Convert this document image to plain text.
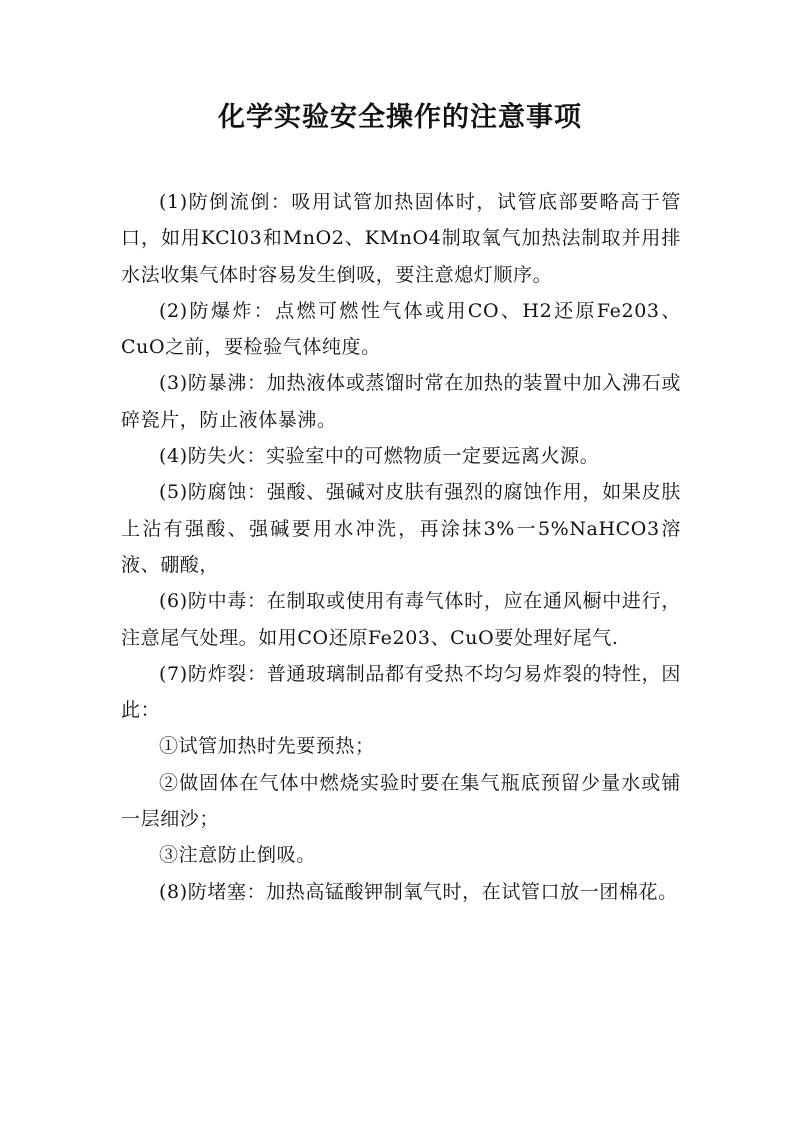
化学实验安全操作的注意事项

(1)防倒流倒：吸用试管加热固体时，试管底部要略高于管口，如用KCl03和MnO2、KMnO4制取氧气加热法制取并用排水法收集气体时容易发生倒吸，要注意熄灯顺序。

(2)防爆炸：点燃可燃性气体或用CO、H2还原Fe203、CuO之前，要检验气体纯度。

(3)防暴沸：加热液体或蒸馏时常在加热的装置中加入沸石或碎瓷片，防止液体暴沸。

(4)防失火：实验室中的可燃物质一定要远离火源。

(5)防腐蚀：强酸、强碱对皮肤有强烈的腐蚀作用，如果皮肤上沾有强酸、强碱要用水冲洗，再涂抹3%一5%NaHCO3溶液、硼酸，

(6)防中毒：在制取或使用有毒气体时，应在通风橱中进行，注意尾气处理。如用CO还原Fe203、CuO要处理好尾气.

(7)防炸裂：普通玻璃制品都有受热不均匀易炸裂的特性，因此：

①试管加热时先要预热；

②做固体在气体中燃烧实验时要在集气瓶底预留少量水或铺一层细沙；

③注意防止倒吸。

(8)防堵塞：加热高锰酸钾制氧气时，在试管口放一团棉花。
